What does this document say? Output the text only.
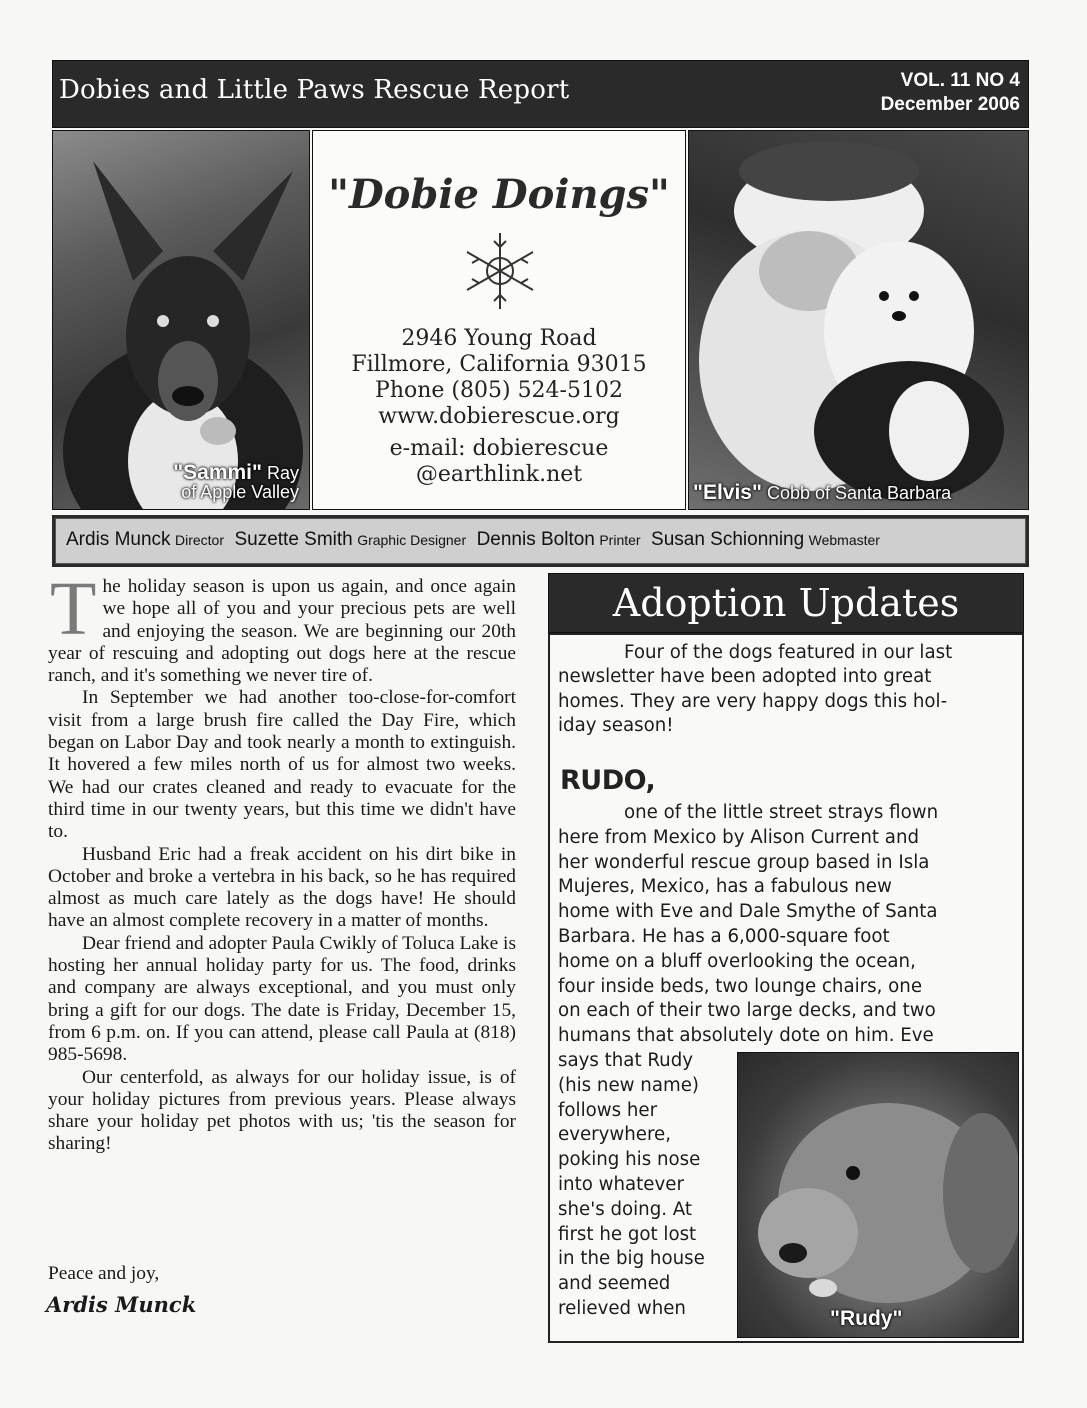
Dobies and Little Paws Rescue Report	VOL. 11 NO 4
December 2006
"Sammi" Ray
of Apple Valley
"Dobie Doings"
2946 Young Road
Fillmore, California 93015
Phone (805) 524-5102
www.dobierescue.org
e-mail: dobierescue
@earthlink.net
"Elvis" Cobb of Santa Barbara
Ardis Munck Director Suzette Smith Graphic Designer Dennis Bolton Printer Susan Schionning Webmaster

The holiday season is upon us again, and once again we hope all of you and your precious pets are well and enjoying the season. We are beginning our 20th year of rescuing and adopting out dogs here at the rescue ranch, and it's something we never tire of.

In September we had another too-close-for-comfort visit from a large brush fire called the Day Fire, which began on Labor Day and took nearly a month to extinguish. It hovered a few miles north of us for almost two weeks. We had our crates cleaned and ready to evacuate for the third time in our twenty years, but this time we didn't have to.

Husband Eric had a freak accident on his dirt bike in October and broke a vertebra in his back, so he has required almost as much care lately as the dogs have! He should have an almost complete recovery in a matter of months.

Dear friend and adopter Paula Cwikly of Toluca Lake is hosting her annual holiday party for us. The food, drinks and company are always exceptional, and you must only bring a gift for our dogs. The date is Friday, December 15, from 6 p.m. on. If you can attend, please call Paula at (818) 985-5698.

Our centerfold, as always for our holiday issue, is of your holiday pictures from previous years. Please always share your holiday pet photos with us; 'tis the season for sharing!

Peace and joy,
Ardis Munck
Adoption Updates
Four of the dogs featured in our last
newsletter have been adopted into great
homes. They are very happy dogs this hol-
iday season!
RUDO,
one of the little street strays flown
here from Mexico by Alison Current and
her wonderful rescue group based in Isla
Mujeres, Mexico, has a fabulous new
home with Eve and Dale Smythe of Santa
Barbara. He has a 6,000-square foot
home on a bluff overlooking the ocean,
four inside beds, two lounge chairs, one
on each of their two large decks, and two
humans that absolutely dote on him. Eve
says that Rudy
(his new name)
follows her
everywhere,
poking his nose
into whatever
she's doing. At
first he got lost
in the big house
and seemed
relieved when	"Rudy"
